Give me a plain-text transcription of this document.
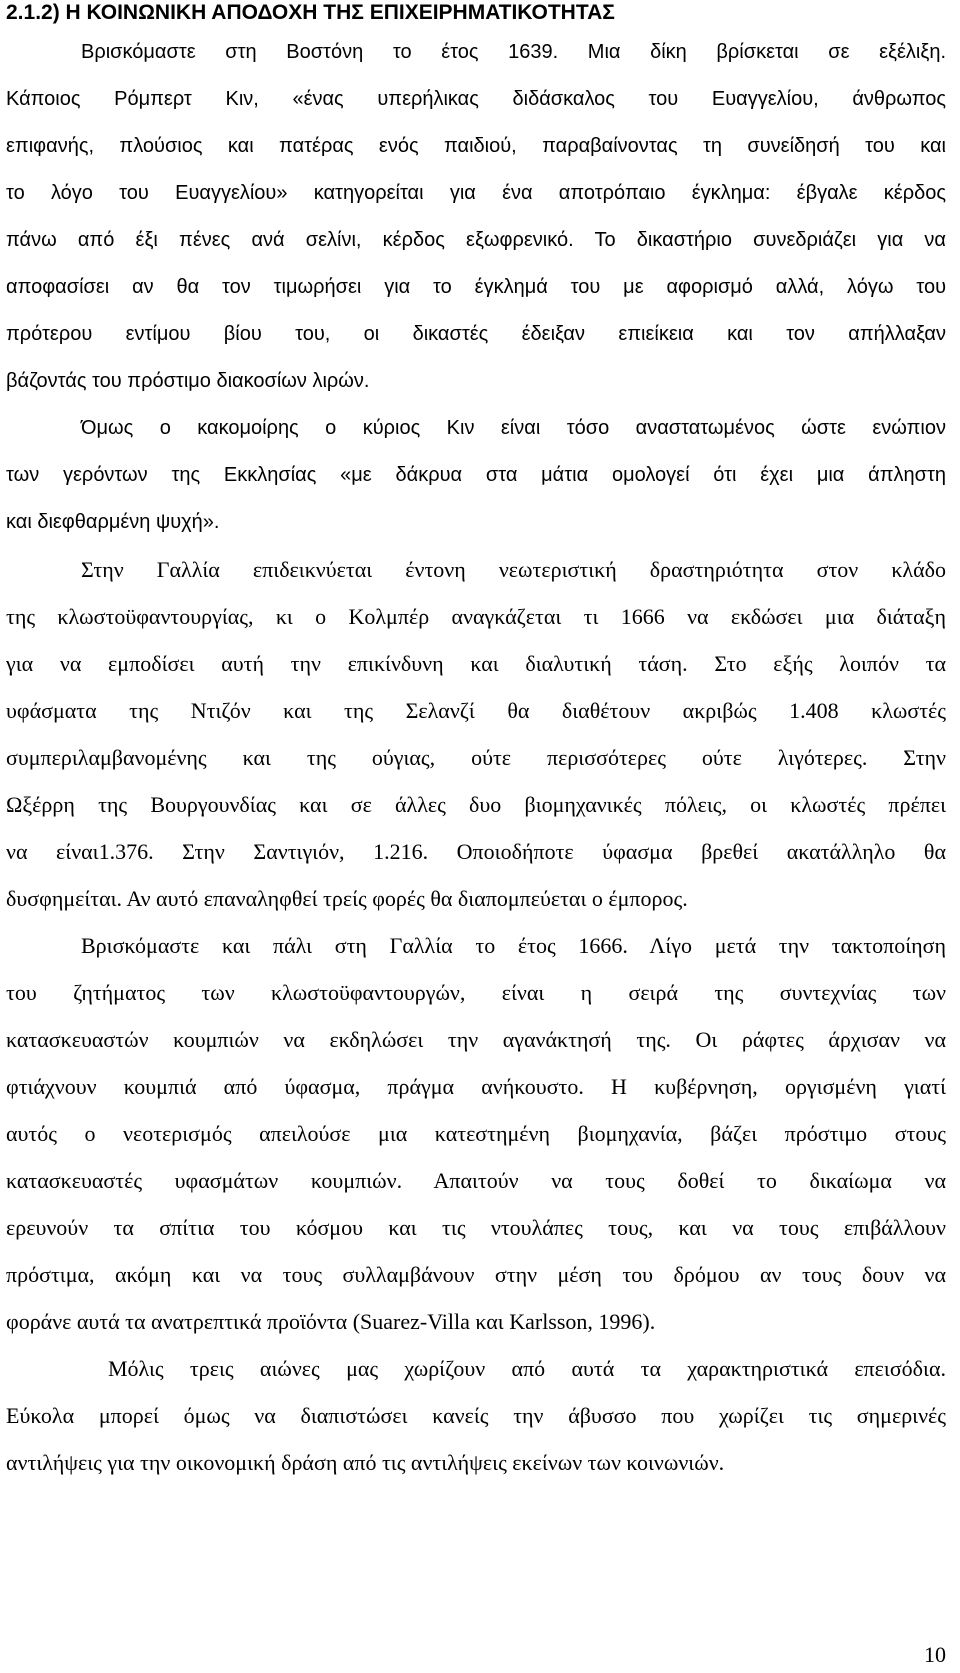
2.1.2) Η ΚΟΙΝΩΝΙΚΗ ΑΠΟΔΟΧΗ ΤΗΣ ΕΠΙΧΕΙΡΗΜΑΤΙΚΟΤΗΤΑΣ
Βρισκόμαστε στη Βοστόνη το έτος 1639. Μια δίκη βρίσκεται σε εξέλιξη.
Κάποιος Ρόμπερτ Κιν, «ένας υπερήλικας διδάσκαλος του Ευαγγελίου, άνθρωπος
επιφανής, πλούσιος και πατέρας ενός παιδιού, παραβαίνοντας τη συνείδησή του και
το λόγο του Ευαγγελίου» κατηγορείται για ένα αποτρόπαιο έγκλημα: έβγαλε κέρδος
πάνω από έξι πένες ανά σελίνι, κέρδος εξωφρενικό. Το δικαστήριο συνεδριάζει για να
αποφασίσει αν θα τον τιμωρήσει για το έγκλημά του με αφορισμό αλλά, λόγω του
πρότερου εντίμου βίου του, οι δικαστές έδειξαν επιείκεια και τον απήλλαξαν
βάζοντάς του πρόστιμο διακοσίων λιρών.
Όμως ο κακομοίρης ο κύριος Κιν είναι τόσο αναστατωμένος ώστε ενώπιον
των γερόντων της Εκκλησίας «με δάκρυα στα μάτια ομολογεί ότι έχει μια άπληστη
και διεφθαρμένη ψυχή».
Στην Γαλλία επιδεικνύεται έντονη νεωτεριστική δραστηριότητα στον κλάδο
της κλωστοϋφαντουργίας, κι ο Κολμπέρ αναγκάζεται τι 1666 να εκδώσει μια διάταξη
για να εμποδίσει αυτή την επικίνδυνη και διαλυτική τάση. Στο εξής λοιπόν τα
υφάσματα της Ντιζόν και της Σελανζί θα διαθέτουν ακριβώς 1.408 κλωστές
συμπεριλαμβανομένης και της ούγιας, ούτε περισσότερες ούτε λιγότερες. Στην
Ωξέρρη της Βουργουνδίας και σε άλλες δυο βιομηχανικές πόλεις, οι κλωστές πρέπει
να είναι1.376. Στην Σαντιγιόν, 1.216. Οποιοδήποτε ύφασμα βρεθεί ακατάλληλο θα
δυσφημείται. Αν αυτό επαναληφθεί τρείς φορές θα διαπομπεύεται ο έμπορος.
Βρισκόμαστε και πάλι στη Γαλλία το έτος 1666. Λίγο μετά την τακτοποίηση
του ζητήματος των κλωστοϋφαντουργών, είναι η σειρά της συντεχνίας των
κατασκευαστών κουμπιών να εκδηλώσει την αγανάκτησή της. Οι ράφτες άρχισαν να
φτιάχνουν κουμπιά από ύφασμα, πράγμα ανήκουστο. Η κυβέρνηση, οργισμένη γιατί
αυτός ο νεοτερισμός απειλούσε μια κατεστημένη βιομηχανία, βάζει πρόστιμο στους
κατασκευαστές υφασμάτων κουμπιών. Απαιτούν να τους δοθεί το δικαίωμα να
ερευνούν τα σπίτια του κόσμου και τις ντουλάπες τους, και να τους επιβάλλουν
πρόστιμα, ακόμη και να τους συλλαμβάνουν στην μέση του δρόμου αν τους δουν να
φοράνε αυτά τα ανατρεπτικά προϊόντα (Suarez-Villa και Karlsson, 1996).
Μόλις τρεις αιώνες μας χωρίζουν από αυτά τα χαρακτηριστικά επεισόδια.
Εύκολα μπορεί όμως να διαπιστώσει κανείς την άβυσσο που χωρίζει τις σημερινές
αντιλήψεις για την οικονομική δράση από τις αντιλήψεις εκείνων των κοινωνιών.
10
